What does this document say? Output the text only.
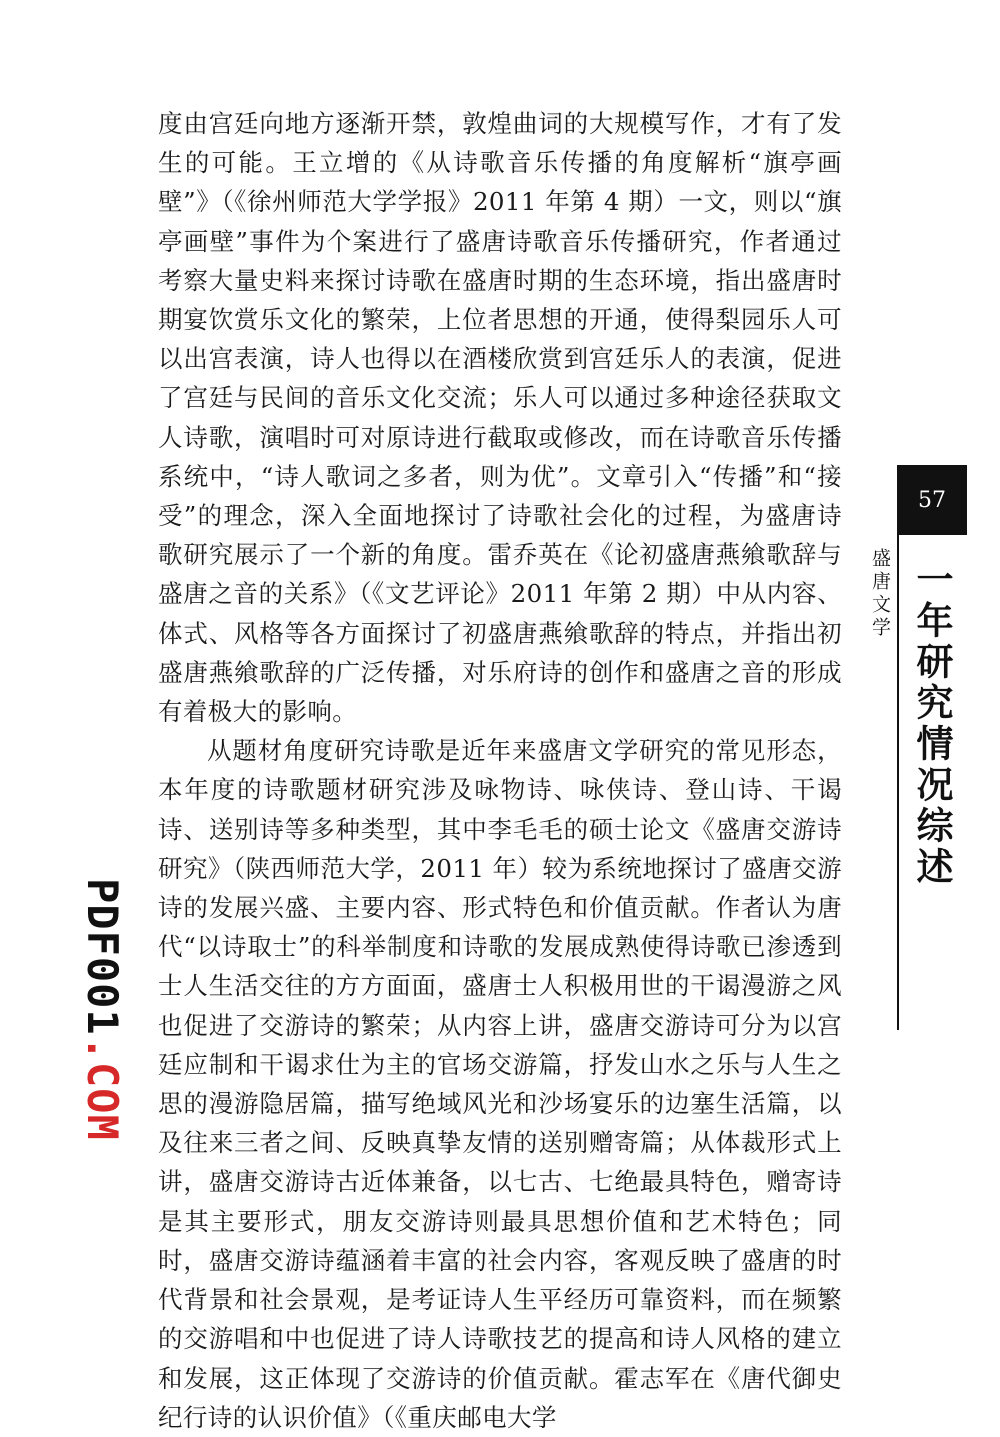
度由宫廷向地方逐渐开禁，敦煌曲词的大规模写作，才有了发生的可能。王立增的《从诗歌音乐传播的角度解析“旗亭画壁”》（《徐州师范大学学报》2011 年第 4 期）一文，则以“旗亭画壁”事件为个案进行了盛唐诗歌音乐传播研究，作者通过考察大量史料来探讨诗歌在盛唐时期的生态环境，指出盛唐时期宴饮赏乐文化的繁荣，上位者思想的开通，使得梨园乐人可以出宫表演，诗人也得以在酒楼欣赏到宫廷乐人的表演，促进了宫廷与民间的音乐文化交流；乐人可以通过多种途径获取文人诗歌，演唱时可对原诗进行截取或修改，而在诗歌音乐传播系统中，“诗人歌词之多者，则为优”。文章引入“传播”和“接受”的理念，深入全面地探讨了诗歌社会化的过程，为盛唐诗歌研究展示了一个新的角度。雷乔英在《论初盛唐燕飨歌辞与盛唐之音的关系》（《文艺评论》2011 年第 2 期）中从内容、体式、风格等各方面探讨了初盛唐燕飨歌辞的特点，并指出初盛唐燕飨歌辞的广泛传播，对乐府诗的创作和盛唐之音的形成有着极大的影响。

从题材角度研究诗歌是近年来盛唐文学研究的常见形态，本年度的诗歌题材研究涉及咏物诗、咏侠诗、登山诗、干谒诗、送别诗等多种类型，其中李毛毛的硕士论文《盛唐交游诗研究》（陕西师范大学，2011 年）较为系统地探讨了盛唐交游诗的发展兴盛、主要内容、形式特色和价值贡献。作者认为唐代“以诗取士”的科举制度和诗歌的发展成熟使得诗歌已渗透到士人生活交往的方方面面，盛唐士人积极用世的干谒漫游之风也促进了交游诗的繁荣；从内容上讲，盛唐交游诗可分为以宫廷应制和干谒求仕为主的官场交游篇，抒发山水之乐与人生之思的漫游隐居篇，描写绝域风光和沙场宴乐的边塞生活篇，以及往来三者之间、反映真挚友情的送别赠寄篇；从体裁形式上讲，盛唐交游诗古近体兼备，以七古、七绝最具特色，赠寄诗是其主要形式，朋友交游诗则最具思想价值和艺术特色；同时，盛唐交游诗蕴涵着丰富的社会内容，客观反映了盛唐的时代背景和社会景观，是考证诗人生平经历可靠资料，而在频繁的交游唱和中也促进了诗人诗歌技艺的提高和诗人风格的建立和发展，这正体现了交游诗的价值贡献。霍志军在《唐代御史纪行诗的认识价值》（《重庆邮电大学

PDF001.COM
57
盛唐文学 一年研究情况综述
